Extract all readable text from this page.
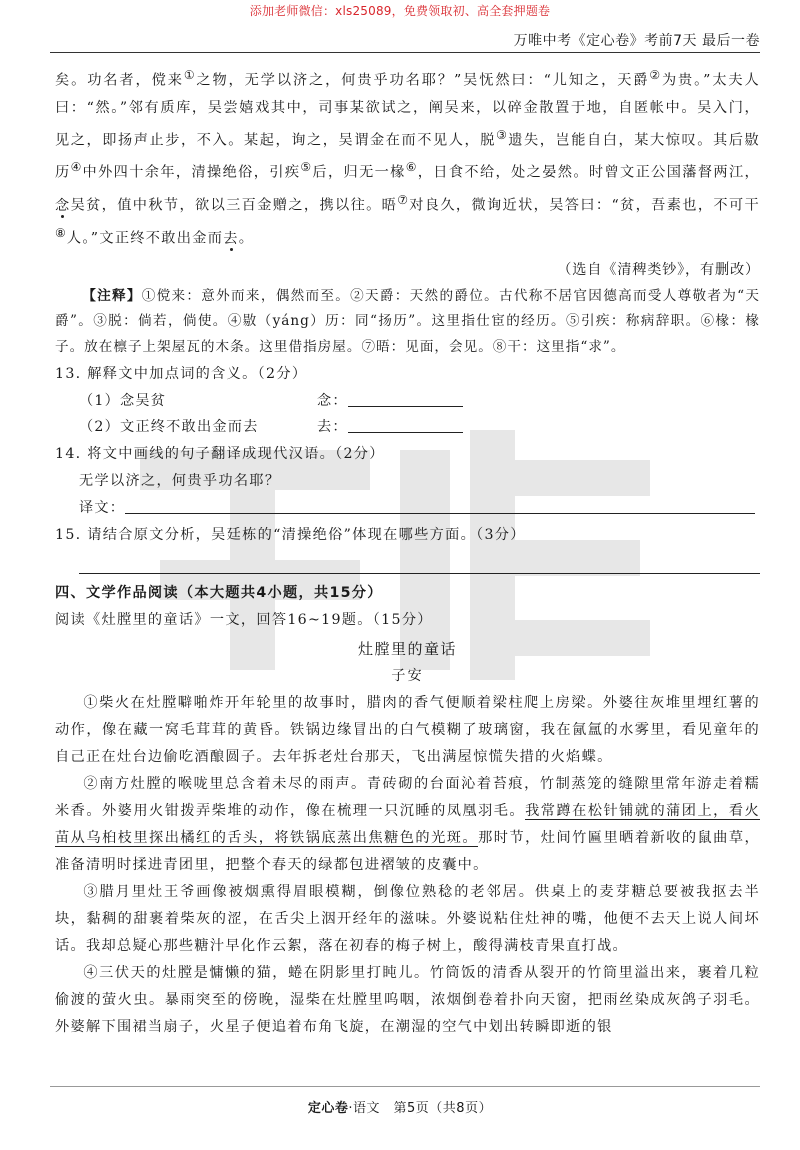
添加老师微信：xls25089，免费领取初、高全套押题卷
万唯中考《定心卷》考前7天 最后一卷

矣。功名者，傥来①之物，无学以济之，何贵乎功名耶？”吴怃然曰：“儿知之，天爵②为贵。”太夫人曰：“然。”邻有质库，吴尝嬉戏其中，司事某欲试之，阐吴来，以碎金散置于地，自匿帐中。吴入门，见之，即扬声止步，不入。某起，询之，吴谓金在而不见人，脱③遗失，岂能自白，某大惊叹。其后敭历④中外四十余年，清操绝俗，引疾⑤后，归无一椽⑥，日食不给，处之晏然。时曾文正公国藩督两江，念吴贫，值中秋节，欲以三百金赠之，携以往。晤⑦对良久，微询近状，吴答曰：“贫，吾素也，不可干⑧人。”文正终不敢出金而去。

（选自《清稗类钞》，有删改）

【注释】①傥来：意外而来，偶然而至。②天爵：天然的爵位。古代称不居官因德高而受人尊敬者为“天爵”。③脱：倘若，倘使。④敭（yáng）历：同“扬历”。这里指仕宦的经历。⑤引疾：称病辞职。⑥椽：椽子。放在檩子上架屋瓦的木条。这里借指房屋。⑦晤：见面，会见。⑧干：这里指“求”。

13. 解释文中加点词的含义。（2分）

（1）念吴贫	念：
（2）文正终不敢出金而去	去：

14. 将文中画线的句子翻译成现代汉语。（2分）

无学以济之，何贵乎功名耶？

译文：

15. 请结合原文分析，吴廷栋的“清操绝俗”体现在哪些方面。（3分）

四、文学作品阅读（本大题共4小题，共15分）

阅读《灶膛里的童话》一文，回答16~19题。（15分）

灶膛里的童话

子安

①柴火在灶膛噼啪炸开年轮里的故事时，腊肉的香气便顺着梁柱爬上房梁。外婆往灰堆里埋红薯的动作，像在藏一窝毛茸茸的黄昏。铁锅边缘冒出的白气模糊了玻璃窗，我在氤氲的水雾里，看见童年的自己正在灶台边偷吃酒酿圆子。去年拆老灶台那天，飞出满屋惊慌失措的火焰蝶。

②南方灶膛的喉咙里总含着未尽的雨声。青砖砌的台面沁着苔痕，竹制蒸笼的缝隙里常年游走着糯米香。外婆用火钳拨弄柴堆的动作，像在梳理一只沉睡的凤凰羽毛。我常蹲在松针铺就的蒲团上，看火苗从乌桕枝里探出橘红的舌头，将铁锅底蒸出焦糖色的光斑。那时节，灶间竹匾里晒着新收的鼠曲草，准备清明时揉进青团里，把整个春天的绿都包进褶皱的皮囊中。

③腊月里灶王爷画像被烟熏得眉眼模糊，倒像位熟稔的老邻居。供桌上的麦芽糖总要被我抠去半块，黏稠的甜裹着柴灰的涩，在舌尖上洇开经年的滋味。外婆说粘住灶神的嘴，他便不去天上说人间坏话。我却总疑心那些糖汁早化作云絮，落在初春的梅子树上，酸得满枝青果直打战。

④三伏天的灶膛是慵懒的猫，蜷在阴影里打盹儿。竹筒饭的清香从裂开的竹筒里溢出来，裹着几粒偷渡的萤火虫。暴雨突至的傍晚，湿柴在灶膛里呜咽，浓烟倒卷着扑向天窗，把雨丝染成灰鸽子羽毛。外婆解下围裙当扇子，火星子便追着布角飞旋，在潮湿的空气中划出转瞬即逝的银

定心卷·语文　第5页（共8页）
